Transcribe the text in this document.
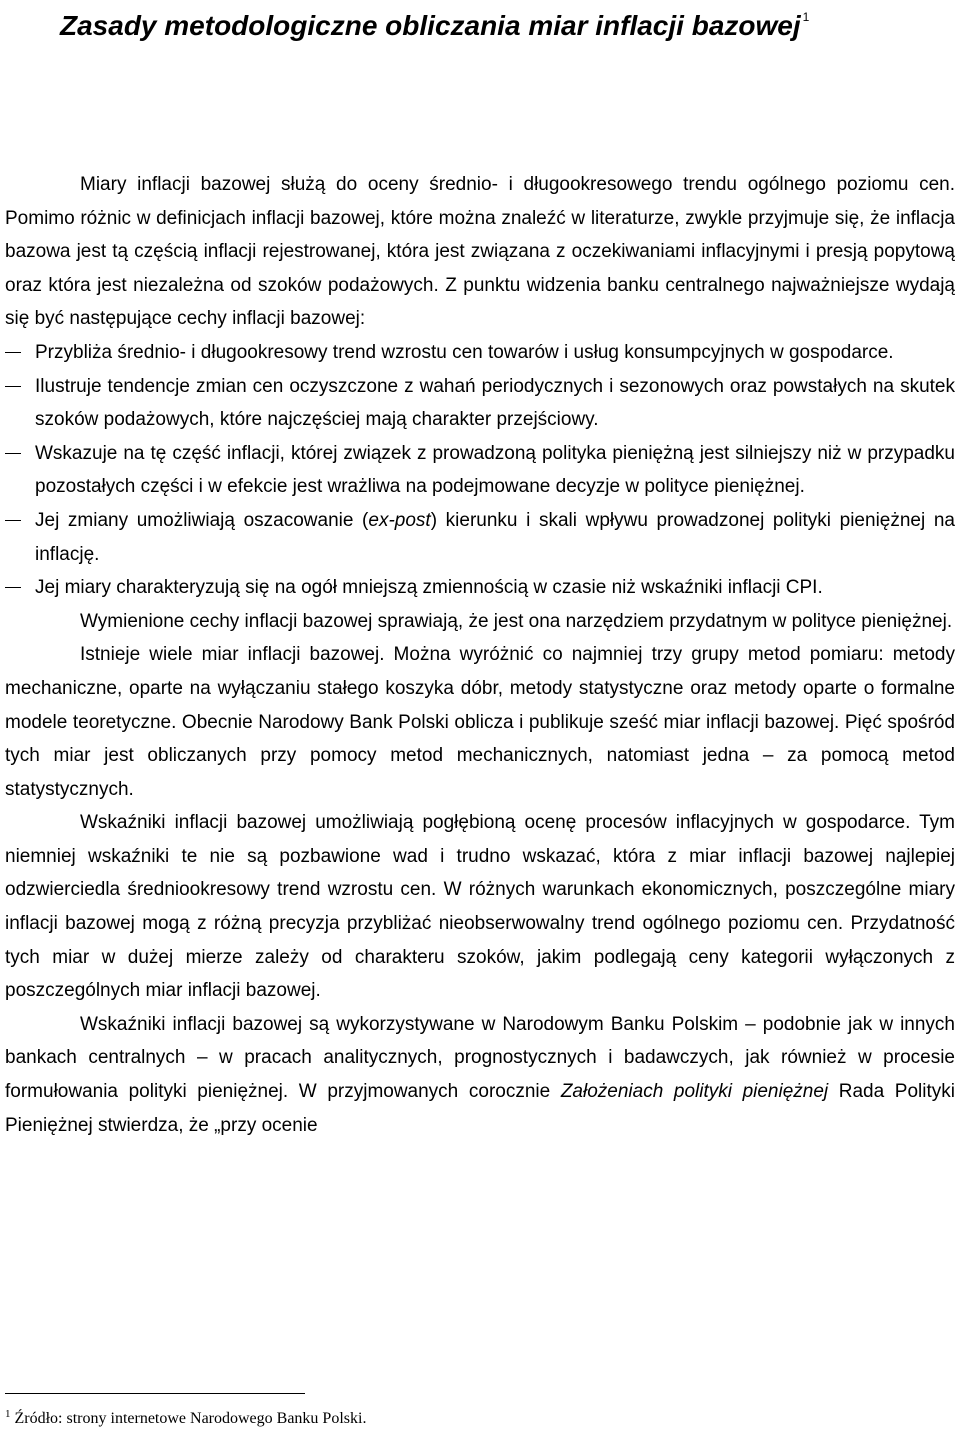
Zasady metodologiczne obliczania miar inflacji bazowej $^1$

Miary inflacji bazowej służą do oceny średnio- i długookresowego trendu ogólnego poziomu cen. Pomimo różnic w definicjach inflacji bazowej, które można znaleźć w literaturze, zwykle przyjmuje się, że inflacja bazowa jest tą częścią inflacji rejestrowanej, która jest związana z oczekiwaniami inflacyjnymi i presją popytową oraz która jest niezależna od szoków podażowych. Z punktu widzenia banku centralnego najważniejsze wydają się być następujące cechy inflacji bazowej:

Przybliża średnio- i długookresowy trend wzrostu cen towarów i usług konsumpcyjnych w gospodarce.
Ilustruje tendencje zmian cen oczyszczone z wahań periodycznych i sezonowych oraz powstałych na skutek szoków podażowych, które najczęściej mają charakter przejściowy.
Wskazuje na tę część inflacji, której związek z prowadzoną polityka pieniężną jest silniejszy niż w przypadku pozostałych części i w efekcie jest wrażliwa na podejmowane decyzje w polityce pieniężnej.
Jej zmiany umożliwiają oszacowanie (ex-post) kierunku i skali wpływu prowadzonej polityki pieniężnej na inflację.
Jej miary charakteryzują się na ogół mniejszą zmiennością w czasie niż wskaźniki inflacji CPI.

Wymienione cechy inflacji bazowej sprawiają, że jest ona narzędziem przydatnym w polityce pieniężnej.

Istnieje wiele miar inflacji bazowej. Można wyróżnić co najmniej trzy grupy metod pomiaru: metody mechaniczne, oparte na wyłączaniu stałego koszyka dóbr, metody statystyczne oraz metody oparte o formalne modele teoretyczne. Obecnie Narodowy Bank Polski oblicza i publikuje sześć miar inflacji bazowej. Pięć spośród tych miar jest obliczanych przy pomocy metod mechanicznych, natomiast jedna – za pomocą metod statystycznych.

Wskaźniki inflacji bazowej umożliwiają pogłębioną ocenę procesów inflacyjnych w gospodarce. Tym niemniej wskaźniki te nie są pozbawione wad i trudno wskazać, która z miar inflacji bazowej najlepiej odzwierciedla średniookresowy trend wzrostu cen. W różnych warunkach ekonomicznych, poszczególne miary inflacji bazowej mogą z różną precyzja przybliżać nieobserwowalny trend ogólnego poziomu cen. Przydatność tych miar w dużej mierze zależy od charakteru szoków, jakim podlegają ceny kategorii wyłączonych z poszczególnych miar inflacji bazowej.

Wskaźniki inflacji bazowej są wykorzystywane w Narodowym Banku Polskim – podobnie jak w innych bankach centralnych – w pracach analitycznych, prognostycznych i badawczych, jak również w procesie formułowania polityki pieniężnej. W przyjmowanych corocznie Założeniach polityki pieniężnej Rada Polityki Pieniężnej stwierdza, że „przy ocenie

$^1$ Źródło: strony internetowe Narodowego Banku Polski.
